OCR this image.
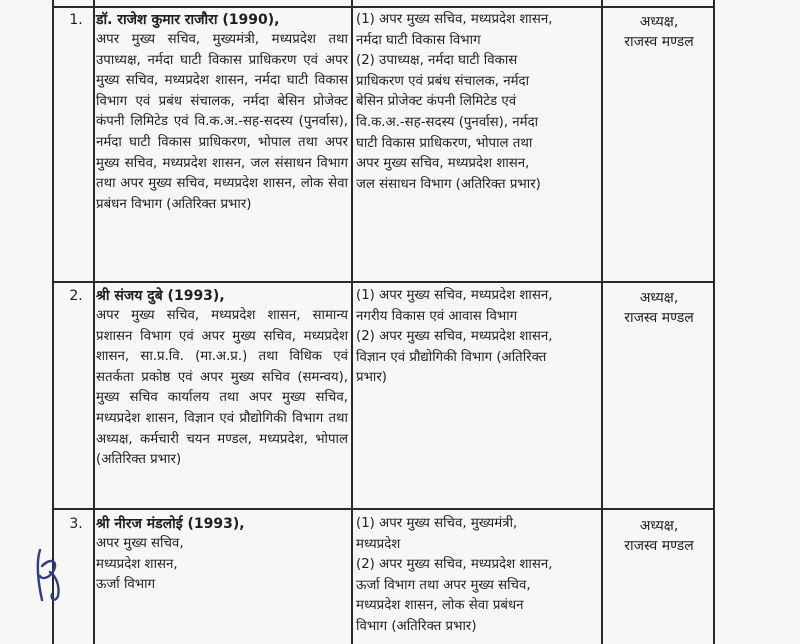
1. डॉ. राजेश कुमार राजौरा (1990),
अपर मुख्य सचिव, मुख्यमंत्री, मध्यप्रदेश तथा उपाध्यक्ष, नर्मदा घाटी विकास प्राधिकरण एवं अपर मुख्य सचिव, मध्यप्रदेश शासन, नर्मदा घाटी विकास विभाग एवं प्रबंध संचालक, नर्मदा बेसिन प्रोजेक्ट कंपनी लिमिटेड एवं वि.क.अ.-सह-सदस्य (पुनर्वास), नर्मदा घाटी विकास प्राधिकरण, भोपाल तथा अपर मुख्य सचिव, मध्यप्रदेश शासन, जल संसाधन विभाग तथा अपर मुख्य सचिव, मध्यप्रदेश शासन, लोक सेवा प्रबंधन विभाग (अतिरिक्त प्रभार)
(1) अपर मुख्य सचिव, मध्यप्रदेश शासन,
नर्मदा घाटी विकास विभाग
(2) उपाध्यक्ष, नर्मदा घाटी विकास
प्राधिकरण एवं प्रबंध संचालक, नर्मदा
बेसिन प्रोजेक्ट कंपनी लिमिटेड एवं
वि.क.अ.-सह-सदस्य (पुनर्वास), नर्मदा
घाटी विकास प्राधिकरण, भोपाल तथा
अपर मुख्य सचिव, मध्यप्रदेश शासन,
जल संसाधन विभाग (अतिरिक्त प्रभार)
अध्यक्ष,
राजस्व मण्डल
2. श्री संजय दुबे (1993),
अपर मुख्य सचिव, मध्यप्रदेश शासन, सामान्य प्रशासन विभाग एवं अपर मुख्य सचिव, मध्यप्रदेश शासन, सा.प्र.वि. (मा.अ.प्र.) तथा विधिक एवं सतर्कता प्रकोष्ठ एवं अपर मुख्य सचिव (समन्वय), मुख्य सचिव कार्यालय तथा अपर मुख्य सचिव, मध्यप्रदेश शासन, विज्ञान एवं प्रौद्योगिकी विभाग तथा अध्यक्ष, कर्मचारी चयन मण्डल, मध्यप्रदेश, भोपाल (अतिरिक्त प्रभार)
(1) अपर मुख्य सचिव, मध्यप्रदेश शासन,
नगरीय विकास एवं आवास विभाग
(2) अपर मुख्य सचिव, मध्यप्रदेश शासन,
विज्ञान एवं प्रौद्योगिकी विभाग (अतिरिक्त
प्रभार)
अध्यक्ष,
राजस्व मण्डल
3. श्री नीरज मंडलोई (1993),
अपर मुख्य सचिव,
मध्यप्रदेश शासन,
ऊर्जा विभाग
(1) अपर मुख्य सचिव, मुख्यमंत्री,
मध्यप्रदेश
(2) अपर मुख्य सचिव, मध्यप्रदेश शासन,
ऊर्जा विभाग तथा अपर मुख्य सचिव,
मध्यप्रदेश शासन, लोक सेवा प्रबंधन
विभाग (अतिरिक्त प्रभार)
अध्यक्ष,
राजस्व मण्डल
